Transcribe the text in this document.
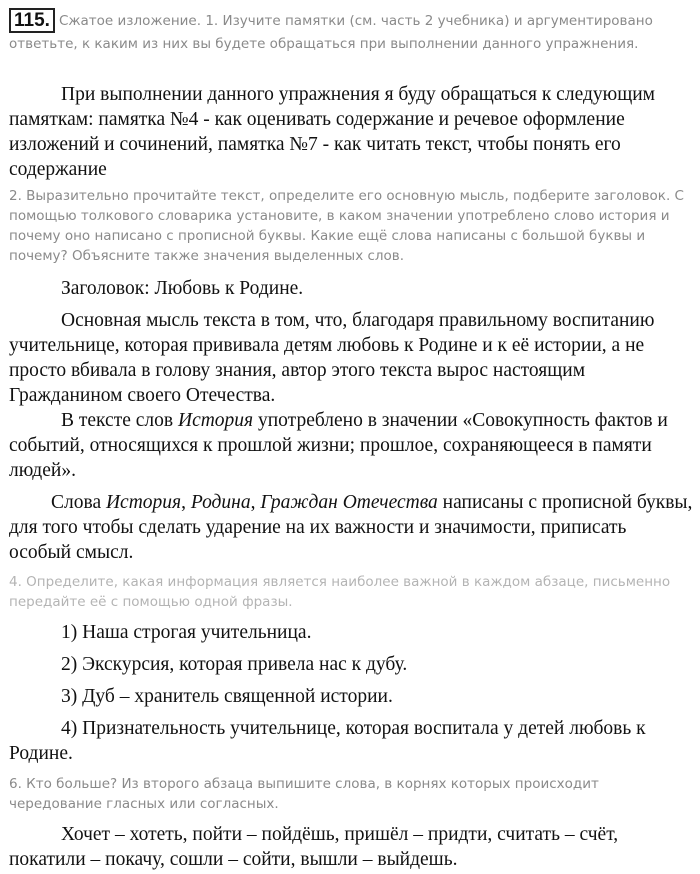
115. Сжатое изложение. 1. Изучите памятки (см. часть 2 учебника) и аргументировано ответьте, к каким из них вы будете обращаться при выполнении данного упражнения.

При выполнении данного упражнения я буду обращаться к следующим памяткам: памятка №4 - как оценивать содержание и речевое оформление изложений и сочинений, памятка №7 - как читать текст, чтобы понять его содержание

2. Выразительно прочитайте текст, определите его основную мысль, подберите заголовок. С помощью толкового словарика установите, в каком значении употреблено слово история и почему оно написано с прописной буквы. Какие ещё слова написаны с большой буквы и почему? Объясните также значения выделенных слов.

Заголовок: Любовь к Родине.

Основная мысль текста в том, что, благодаря правильному воспитанию учительнице, которая прививала детям любовь к Родине и к её истории, а не просто вбивала в голову знания, автор этого текста вырос настоящим Гражданином своего Отечества.

В тексте слов История употреблено в значении «Совокупность фактов и событий, относящихся к прошлой жизни; прошлое, сохраняющееся в памяти людей».

Слова История, Родина, Граждан Отечества написаны с прописной буквы, для того чтобы сделать ударение на их важности и значимости, приписать особый смысл.

4. Определите, какая информация является наиболее важной в каждом абзаце, письменно передайте её с помощью одной фразы.

1) Наша строгая учительница.

2) Экскурсия, которая привела нас к дубу.

3) Дуб – хранитель священной истории.

4) Признательность учительнице, которая воспитала у детей любовь к Родине.

6. Кто больше? Из второго абзаца выпишите слова, в корнях которых происходит чередование гласных или согласных.

Хочет – хотеть, пойти – пойдёшь, пришёл – придти, считать – счёт, покатили – покачу, сошли – сойти, вышли – выйдешь.
